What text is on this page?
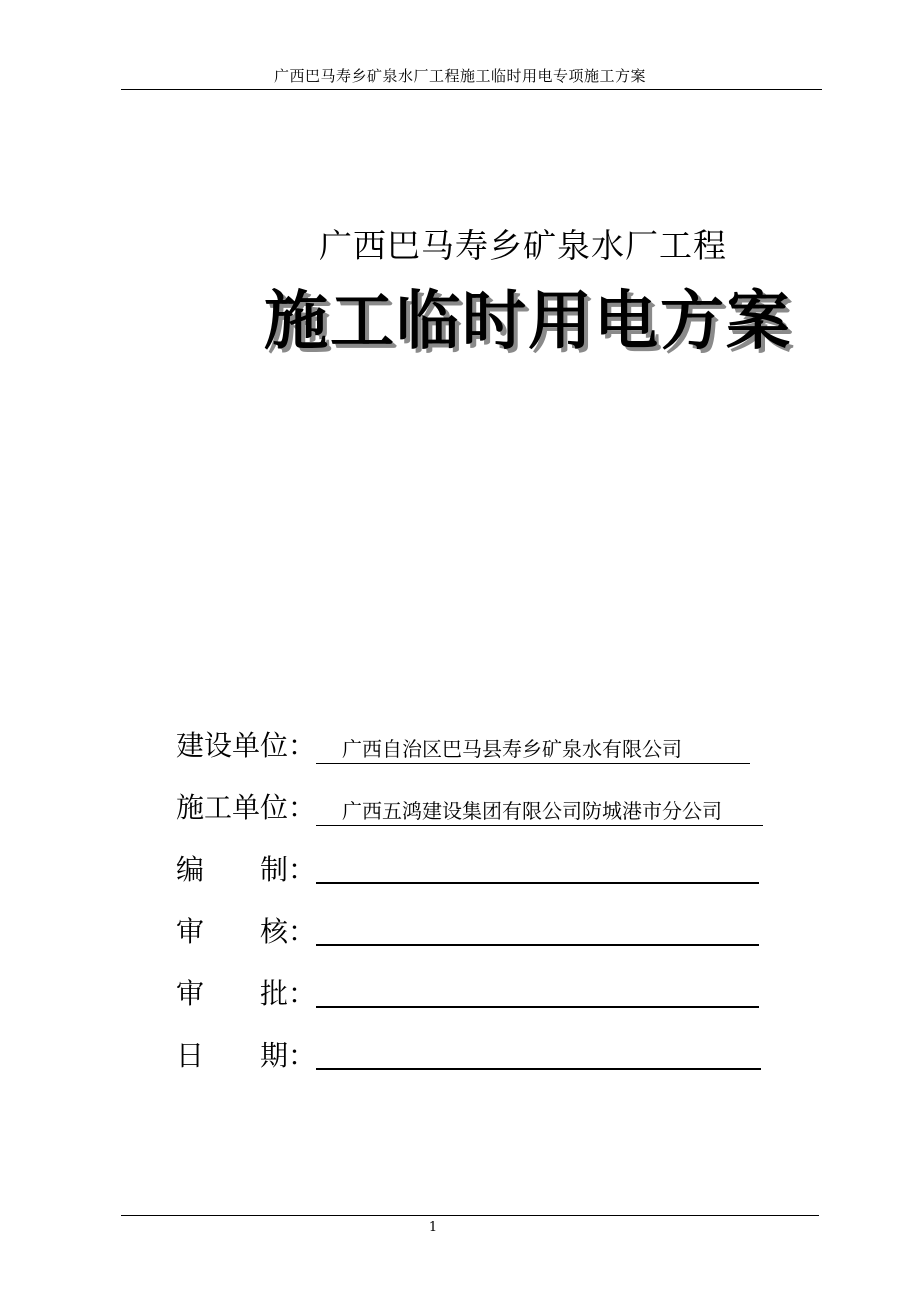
广西巴马寿乡矿泉水厂工程施工临时用电专项施工方案
广西巴马寿乡矿泉水厂工程
施工临时用电方案
建设单位：	广西自治区巴马县寿乡矿泉水有限公司
施工单位：	广西五鸿建设集团有限公司防城港市分公司
编　　制：
审　　核：
审　　批：
日　　期：
1
